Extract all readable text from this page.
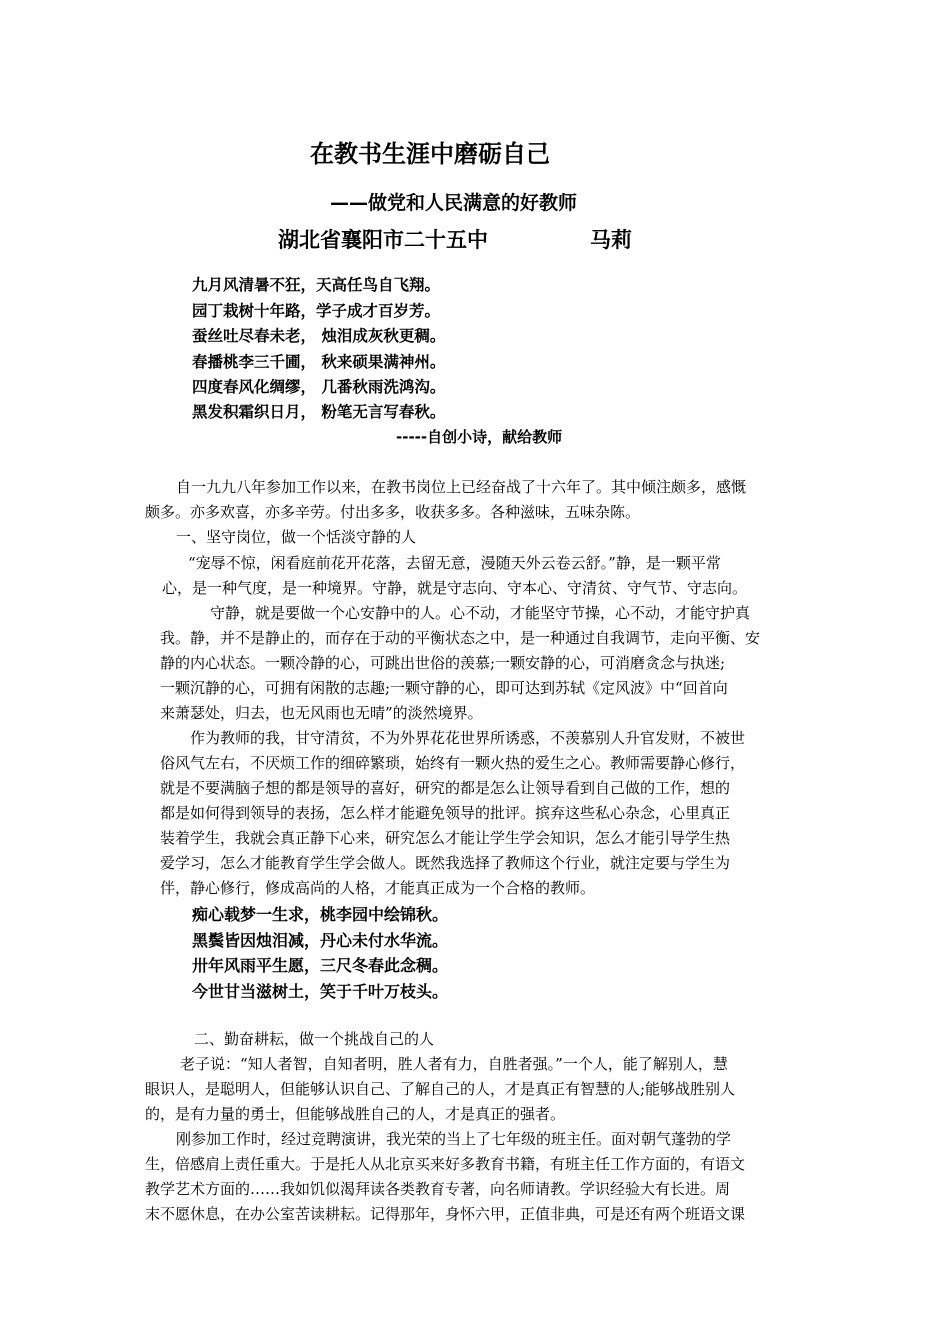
在教书生涯中磨砺自己
——做党和人民满意的好教师
湖北省襄阳市二十五中	马莉
九月风清暑不狂，天高任鸟自飞翔。
园丁栽树十年路，学子成才百岁芳。
蚕丝吐尽春未老， 烛泪成灰秋更稠。
春播桃李三千圃， 秋来硕果满神州。
四度春风化绸缪， 几番秋雨洗鸿沟。
黑发积霜织日月， 粉笔无言写春秋。
-----自创小诗，献给教师
自一九九八年参加工作以来，在教书岗位上已经奋战了十六年了。其中倾注颇多，感慨
颇多。亦多欢喜，亦多辛劳。付出多多，收获多多。各种滋味，五味杂陈。
一、坚守岗位，做一个恬淡守静的人
“宠辱不惊，闲看庭前花开花落，去留无意，漫随天外云卷云舒。”静，是一颗平常
心，是一种气度，是一种境界。守静，就是守志向、守本心、守清贫、守气节、守志向。
守静，就是要做一个心安静中的人。心不动，才能坚守节操，心不动，才能守护真
我。静，并不是静止的，而存在于动的平衡状态之中，是一种通过自我调节，走向平衡、安
静的内心状态。一颗冷静的心，可跳出世俗的羡慕;一颗安静的心，可消磨贪念与执迷;
一颗沉静的心，可拥有闲散的志趣;一颗守静的心，即可达到苏轼《定风波》中“回首向
来萧瑟处，归去，也无风雨也无晴”的淡然境界。
作为教师的我，甘守清贫，不为外界花花世界所诱惑，不羡慕别人升官发财，不被世
俗风气左右，不厌烦工作的细碎繁琐，始终有一颗火热的爱生之心。教师需要静心修行，
就是不要满脑子想的都是领导的喜好，研究的都是怎么让领导看到自己做的工作，想的
都是如何得到领导的表扬，怎么样才能避免领导的批评。摈弃这些私心杂念，心里真正
装着学生，我就会真正静下心来，研究怎么才能让学生学会知识，怎么才能引导学生热
爱学习，怎么才能教育学生学会做人。既然我选择了教师这个行业，就注定要与学生为
伴，静心修行，修成高尚的人格，才能真正成为一个合格的教师。
痴心载梦一生求，桃李园中绘锦秋。
黑鬓皆因烛泪减，丹心未付水华流。
卅年风雨平生愿，三尺冬春此念稠。
今世甘当滋树土，笑于千叶万枝头。
二、勤奋耕耘，做一个挑战自己的人
老子说：“知人者智，自知者明，胜人者有力，自胜者强。”一个人，能了解别人，慧
眼识人，是聪明人，但能够认识自己、了解自己的人，才是真正有智慧的人;能够战胜别人
的，是有力量的勇士，但能够战胜自己的人，才是真正的强者。
刚参加工作时，经过竞聘演讲，我光荣的当上了七年级的班主任。面对朝气蓬勃的学
生，倍感肩上责任重大。于是托人从北京买来好多教育书籍，有班主任工作方面的，有语文
教学艺术方面的……我如饥似渴拜读各类教育专著，向名师请教。学识经验大有长进。周
末不愿休息，在办公室苦读耕耘。记得那年，身怀六甲，正值非典，可是还有两个班语文课
